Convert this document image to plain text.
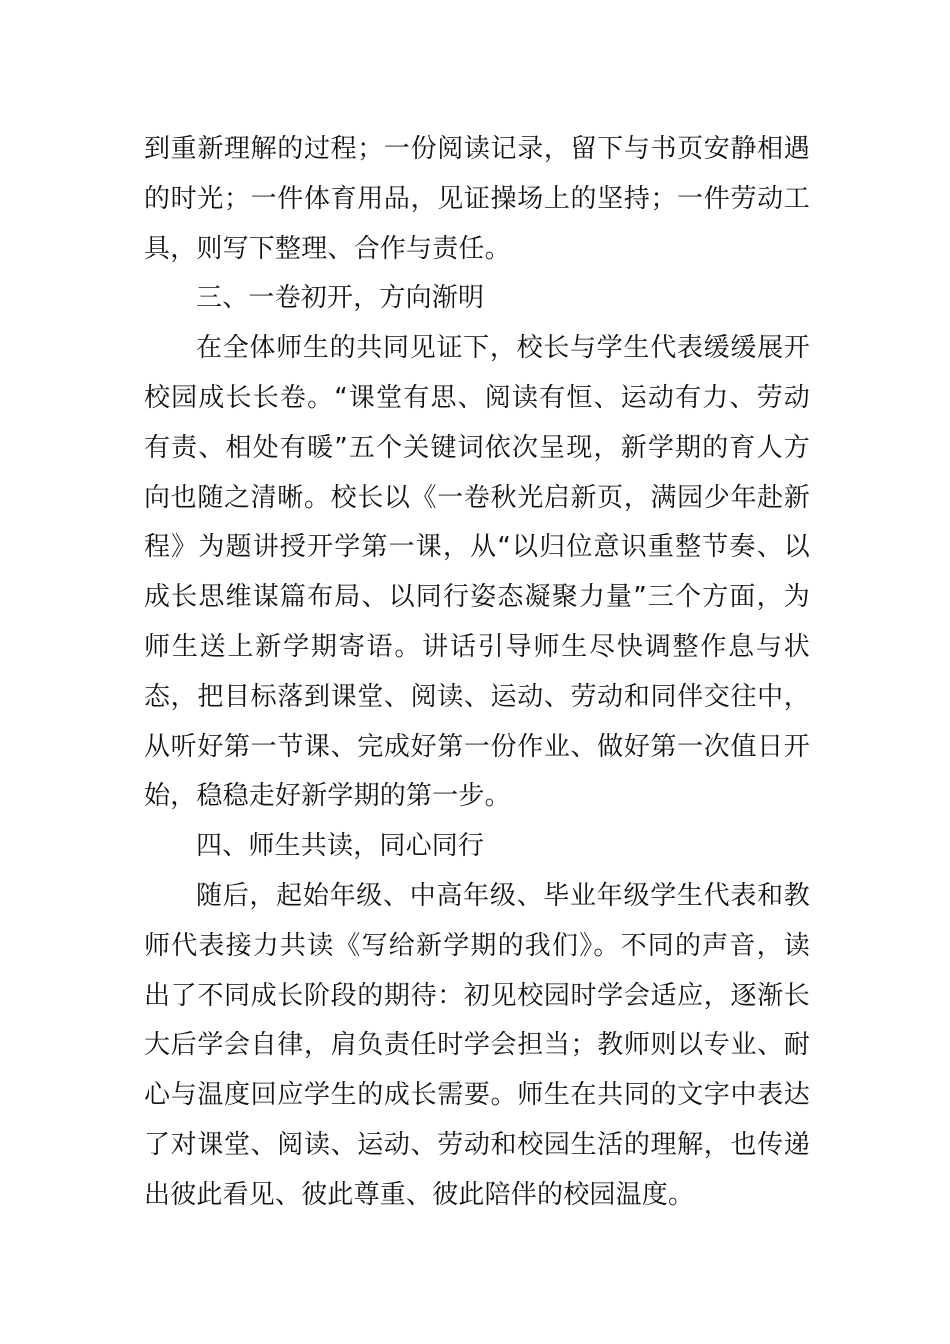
到重新理解的过程；一份阅读记录，留下与书页安静相遇的时光；一件体育用品，见证操场上的坚持；一件劳动工具，则写下整理、合作与责任。

三、一卷初开，方向渐明

在全体师生的共同见证下，校长与学生代表缓缓展开校园成长长卷。“课堂有思、阅读有恒、运动有力、劳动有责、相处有暖”五个关键词依次呈现，新学期的育人方向也随之清晰。校长以《一卷秋光启新页，满园少年赴新程》为题讲授开学第一课，从“以归位意识重整节奏、以成长思维谋篇布局、以同行姿态凝聚力量”三个方面，为师生送上新学期寄语。讲话引导师生尽快调整作息与状态，把目标落到课堂、阅读、运动、劳动和同伴交往中，从听好第一节课、完成好第一份作业、做好第一次值日开始，稳稳走好新学期的第一步。

四、师生共读，同心同行

随后，起始年级、中高年级、毕业年级学生代表和教师代表接力共读《写给新学期的我们》。不同的声音，读出了不同成长阶段的期待：初见校园时学会适应，逐渐长大后学会自律，肩负责任时学会担当；教师则以专业、耐心与温度回应学生的成长需要。师生在共同的文字中表达了对课堂、阅读、运动、劳动和校园生活的理解，也传递出彼此看见、彼此尊重、彼此陪伴的校园温度。
